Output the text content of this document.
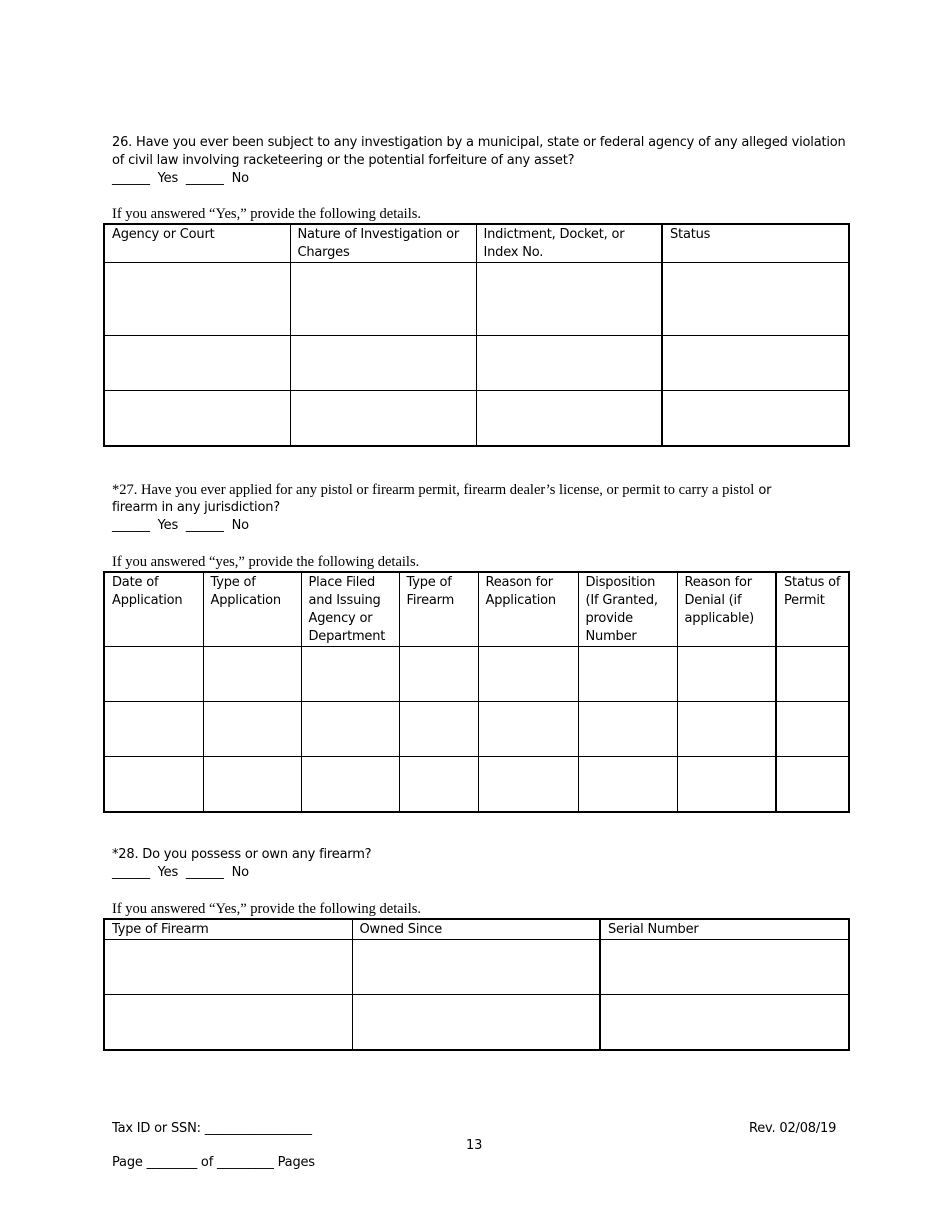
26. Have you ever been subject to any investigation by a municipal, state or federal agency of any alleged violation
of civil law involving racketeering or the potential forfeiture of any asset?
______  Yes  ______  No
If you answered “Yes,” provide the following details.
Agency or Court	Nature of Investigation or Charges	Indictment, Docket, or Index No.	Status

*27. Have you ever applied for any pistol or firearm permit, firearm dealer’s license, or permit to carry a pistol or
firearm in any jurisdiction?
______  Yes  ______  No
If you answered “yes,” provide the following details.
Date of Application	Type of Application	Place Filed and Issuing Agency or Department	Type of Firearm	Reason for Application	Disposition (If Granted, provide Number	Reason for Denial (if applicable)	Status of Permit

*28. Do you possess or own any firearm?
______  Yes  ______  No
If you answered “Yes,” provide the following details.
Type of Firearm	Owned Since	Serial Number

Tax ID or SSN: _________________
13
Rev. 02/08/19
Page ________ of _________ Pages
